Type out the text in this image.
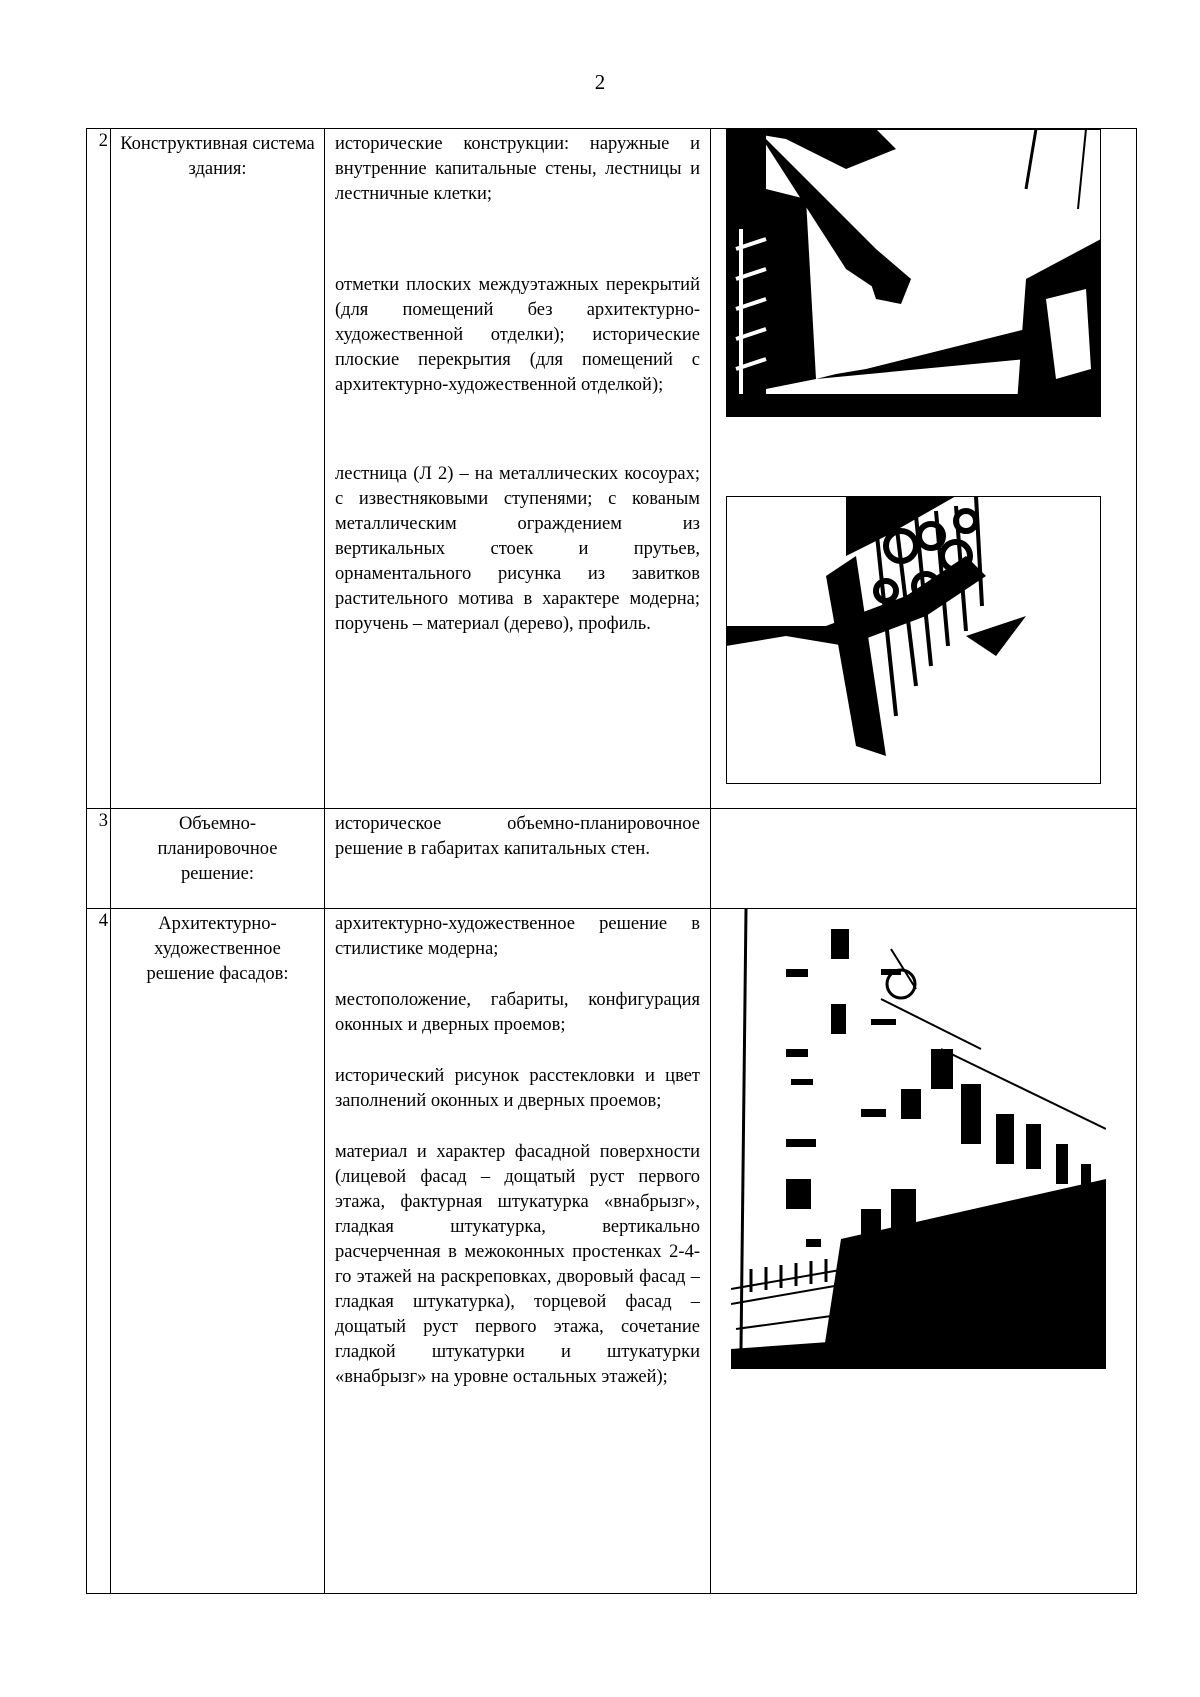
2
2	Конструктивная система здания:	исторические конструкции: наружные и внутренние капитальные стены, лестницы и лестничные клетки;

отметки плоских междуэтажных перекрытий (для помещений без архитектурно-художественной отделки); исторические плоские перекрытия (для помещений с архитектурно-художественной отделкой);

лестница (Л 2) – на металлических косоурах; с известняковыми ступенями; с кованым металлическим ограждением из вертикальных стоек и прутьев, орнаментального рисунка из завитков растительного мотива в характере модерна; поручень – материал (дерево), профиль.

3	Объемно-планировочное решение:	историческое объемно-планировочное решение в габаритах капитальных стен.	

4	Архитектурно-художественное решение фасадов:	архитектурно-художественное решение в стилистике модерна;

местоположение, габариты, конфигурация оконных и дверных проемов;

исторический рисунок расстекловки и цвет заполнений оконных и дверных проемов;

материал и характер фасадной поверхности (лицевой фасад – дощатый руст первого этажа, фактурная штукатурка «внабрызг», гладкая штукатурка, вертикально расчерченная в межоконных простенках 2-4-го этажей на раскреповках, дворовый фасад – гладкая штукатурка), торцевой фасад – дощатый руст первого этажа, сочетание гладкой штукатурки и штукатурки «внабрызг» на уровне остальных этажей);
